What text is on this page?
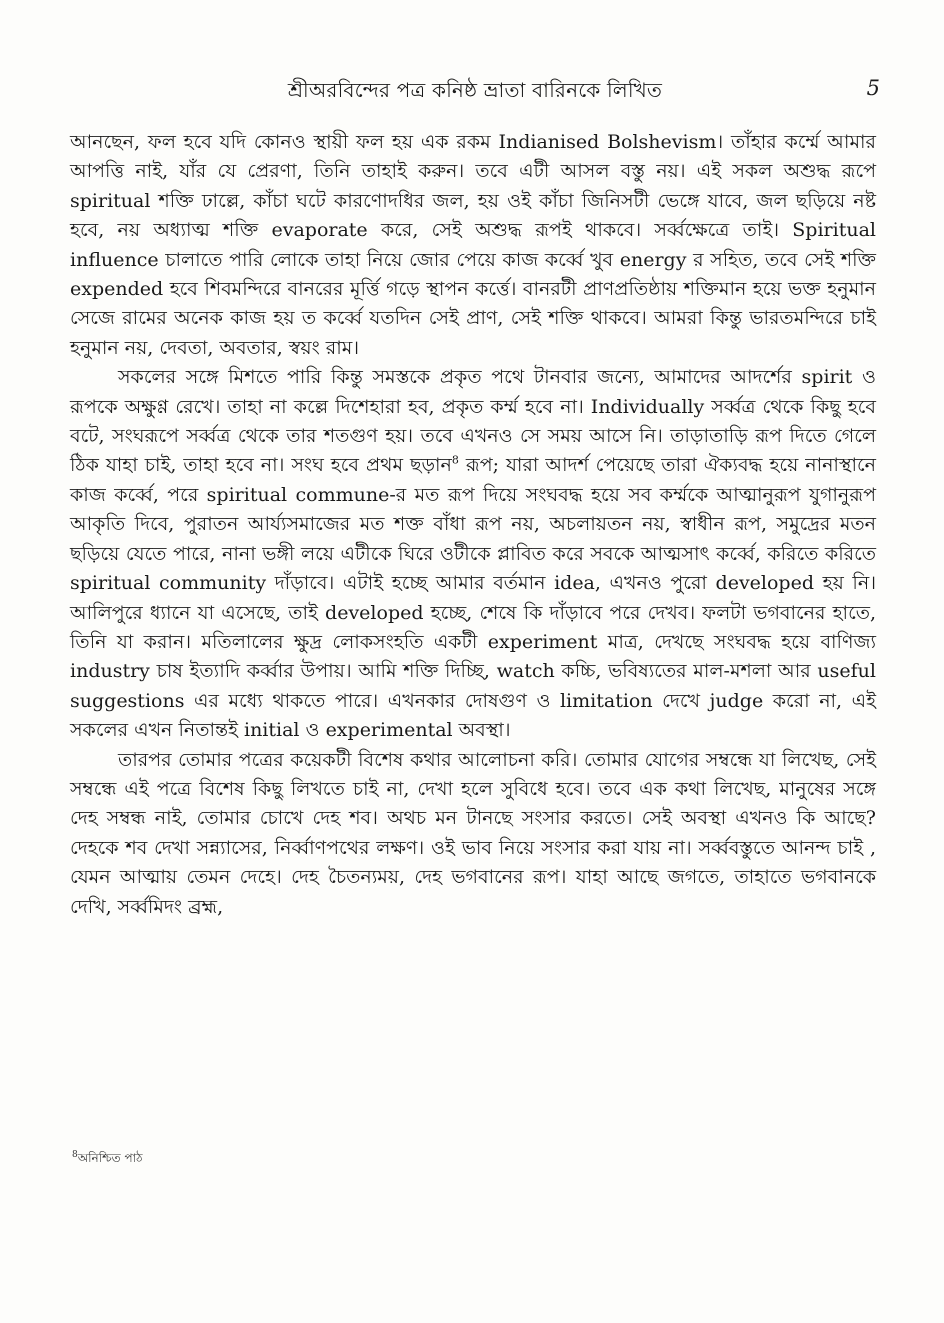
শ্রীঅরবিন্দের পত্র কনিষ্ঠ ভ্রাতা বারিনকে লিখিত	5

আনছেন, ফল হবে যদি কোনও স্থায়ী ফল হয় এক রকম Indianised Bolshevism। তাঁহার কর্ম্মে আমার আপত্তি নাই, যাঁর যে প্রেরণা, তিনি তাহাই করুন। তবে এটী আসল বস্তু নয়। এই সকল অশুদ্ধ রূপে spiritual শক্তি ঢাল্লে, কাঁচা ঘটে কারণোদধির জল, হয় ওই কাঁচা জিনিসটী ভেঙ্গে যাবে, জল ছড়িয়ে নষ্ট হবে, নয় অধ্যাত্ম শক্তি evaporate করে, সেই অশুদ্ধ রূপই থাকবে। সর্ব্বক্ষেত্রে তাই। Spiritual influence চালাতে পারি লোকে তাহা নিয়ে জোর পেয়ে কাজ কর্ব্বে খুব energy র সহিত, তবে সেই শক্তি expended হবে শিবমন্দিরে বানরের মূর্ত্তি গড়ে স্থাপন কর্ত্তে। বানরটী প্রাণপ্রতিষ্ঠায় শক্তিমান হয়ে ভক্ত হনুমান সেজে রামের অনেক কাজ হয় ত কর্ব্বে যতদিন সেই প্রাণ, সেই শক্তি থাকবে। আমরা কিন্তু ভারতমন্দিরে চাই হনুমান নয়, দেবতা, অবতার, স্বয়ং রাম।

সকলের সঙ্গে মিশতে পারি কিন্তু সমস্তকে প্রকৃত পথে টানবার জন্যে, আমাদের আদর্শের spirit ও রূপকে অক্ষুণ্ণ রেখে। তাহা না কল্লে দিশেহারা হব, প্রকৃত কর্ম্ম হবে না। Individually সর্ব্বত্র থেকে কিছু হবে বটে, সংঘরূপে সর্ব্বত্র থেকে তার শতগুণ হয়। তবে এখনও সে সময় আসে নি। তাড়াতাড়ি রূপ দিতে গেলে ঠিক যাহা চাই, তাহা হবে না। সংঘ হবে প্রথম ছড়ান$^8$ রূপ; যারা আদর্শ পেয়েছে তারা ঐক্যবদ্ধ হয়ে নানাস্থানে কাজ কর্ব্বে, পরে spiritual commune-র মত রূপ দিয়ে সংঘবদ্ধ হয়ে সব কর্ম্মকে আত্মানুরূপ যুগানুরূপ আকৃতি দিবে, পুরাতন আর্য্যসমাজের মত শক্ত বাঁধা রূপ নয়, অচলায়তন নয়, স্বাধীন রূপ, সমুদ্রের মতন ছড়িয়ে যেতে পারে, নানা ভঙ্গী লয়ে এটীকে ঘিরে ওটীকে প্লাবিত করে সবকে আত্মসাৎ কর্ব্বে, করিতে করিতে spiritual community দাঁড়াবে। এটাই হচ্ছে আমার বর্তমান idea, এখনও পুরো developed হয় নি। আলিপুরে ধ্যানে যা এসেছে, তাই developed হচ্ছে, শেষে কি দাঁড়াবে পরে দেখব। ফলটা ভগবানের হাতে, তিনি যা করান। মতিলালের ক্ষুদ্র লোকসংহতি একটী experiment মাত্র, দেখছে সংঘবদ্ধ হয়ে বাণিজ্য industry চাষ ইত্যাদি কর্ব্বার উপায়। আমি শক্তি দিচ্ছি, watch কচ্চি, ভবিষ্যতের মাল-মশলা আর useful suggestions এর মধ্যে থাকতে পারে। এখনকার দোষগুণ ও limitation দেখে judge করো না, এই সকলের এখন নিতান্তই initial ও experimental অবস্থা।

তারপর তোমার পত্রের কয়েকটী বিশেষ কথার আলোচনা করি। তোমার যোগের সম্বন্ধে যা লিখেছ, সেই সম্বন্ধে এই পত্রে বিশেষ কিছু লিখতে চাই না, দেখা হলে সুবিধে হবে। তবে এক কথা লিখেছ, মানুষের সঙ্গে দেহ সম্বন্ধ নাই, তোমার চোখে দেহ শব। অথচ মন টানছে সংসার করতে। সেই অবস্থা এখনও কি আছে? দেহকে শব দেখা সন্ন্যাসের, নির্ব্বাণপথের লক্ষণ। ওই ভাব নিয়ে সংসার করা যায় না। সর্ব্ববস্তুতে আনন্দ চাই , যেমন আত্মায় তেমন দেহে। দেহ চৈতন্যময়, দেহ ভগবানের রূপ। যাহা আছে জগতে, তাহাতে ভগবানকে দেখি, সর্ব্বমিদং ব্রহ্ম,

$^8$অনিশ্চিত পাঠ
